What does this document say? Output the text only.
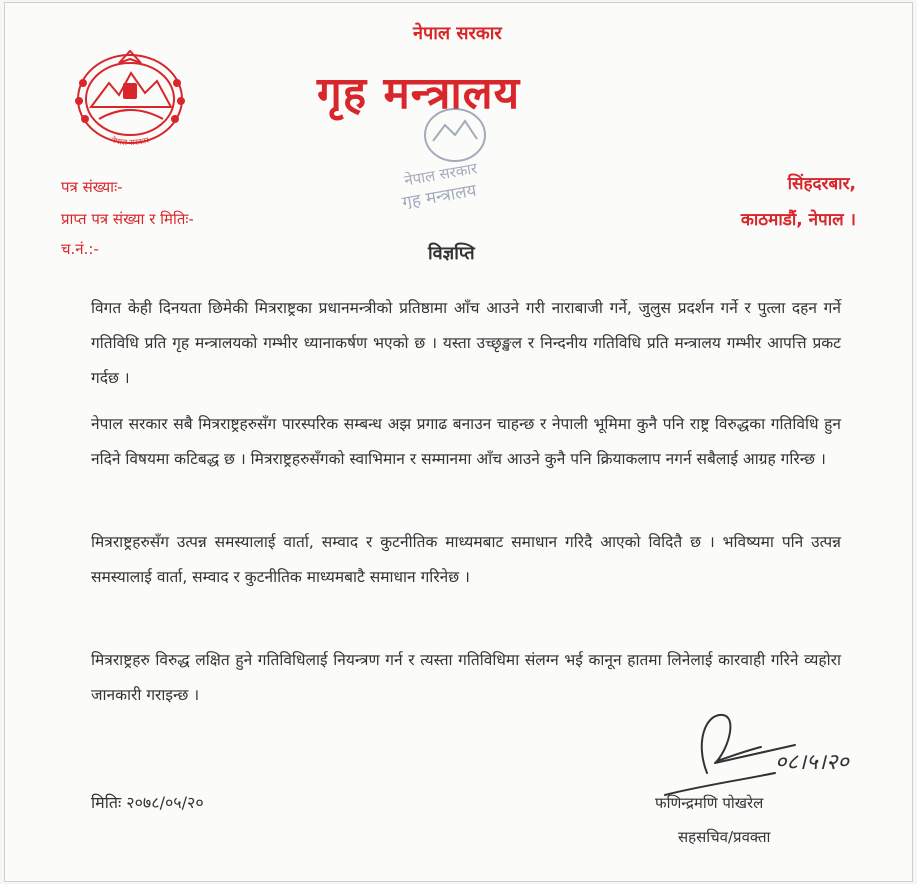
नेपाल सरकार
नेपाल सरकार
गृह मन्त्रालय
नेपाल सरकार
गृह मन्त्रालय
पत्र संख्याः-
प्राप्त पत्र संख्या र मितिः-
च.नं.:-
सिंहदरबार,
काठमाडौं, नेपाल ।
विज्ञप्ति
विगत केही दिनयता छिमेकी मित्रराष्ट्रका प्रधानमन्त्रीको प्रतिष्ठामा आँच आउने गरी नाराबाजी गर्ने, जुलुस प्रदर्शन गर्ने र पुत्ला दहन गर्ने गतिविधि प्रति गृह मन्त्रालयको गम्भीर ध्यानाकर्षण भएको छ । यस्ता उच्छृङ्खल र निन्दनीय गतिविधि प्रति मन्त्रालय गम्भीर आपत्ति प्रकट गर्दछ ।
नेपाल सरकार सबै मित्रराष्ट्रहरुसँग पारस्परिक सम्बन्ध अझ प्रगाढ बनाउन चाहन्छ र नेपाली भूमिमा कुनै पनि राष्ट्र विरुद्धका गतिविधि हुन नदिने विषयमा कटिबद्ध छ । मित्रराष्ट्रहरुसँगको स्वाभिमान र सम्मानमा आँच आउने कुनै पनि क्रियाकलाप नगर्न सबैलाई आग्रह गरिन्छ ।
मित्रराष्ट्रहरुसँग उत्पन्न समस्यालाई वार्ता, सम्वाद र कुटनीतिक माध्यमबाट समाधान गरिदै आएको विदितै छ । भविष्यमा पनि उत्पन्न समस्यालाई वार्ता, सम्वाद र कुटनीतिक माध्यमबाटै समाधान गरिनेछ ।
मित्रराष्ट्रहरु विरुद्ध लक्षित हुने गतिविधिलाई नियन्त्रण गर्न र त्यस्ता गतिविधिमा संलग्न भई कानून हातमा लिनेलाई कारवाही गरिने व्यहोरा जानकारी गराइन्छ ।
मितिः २०७८/०५/२०
०८।५।२०
फणिन्द्रमणि पोखरेल
सहसचिव/प्रवक्ता
